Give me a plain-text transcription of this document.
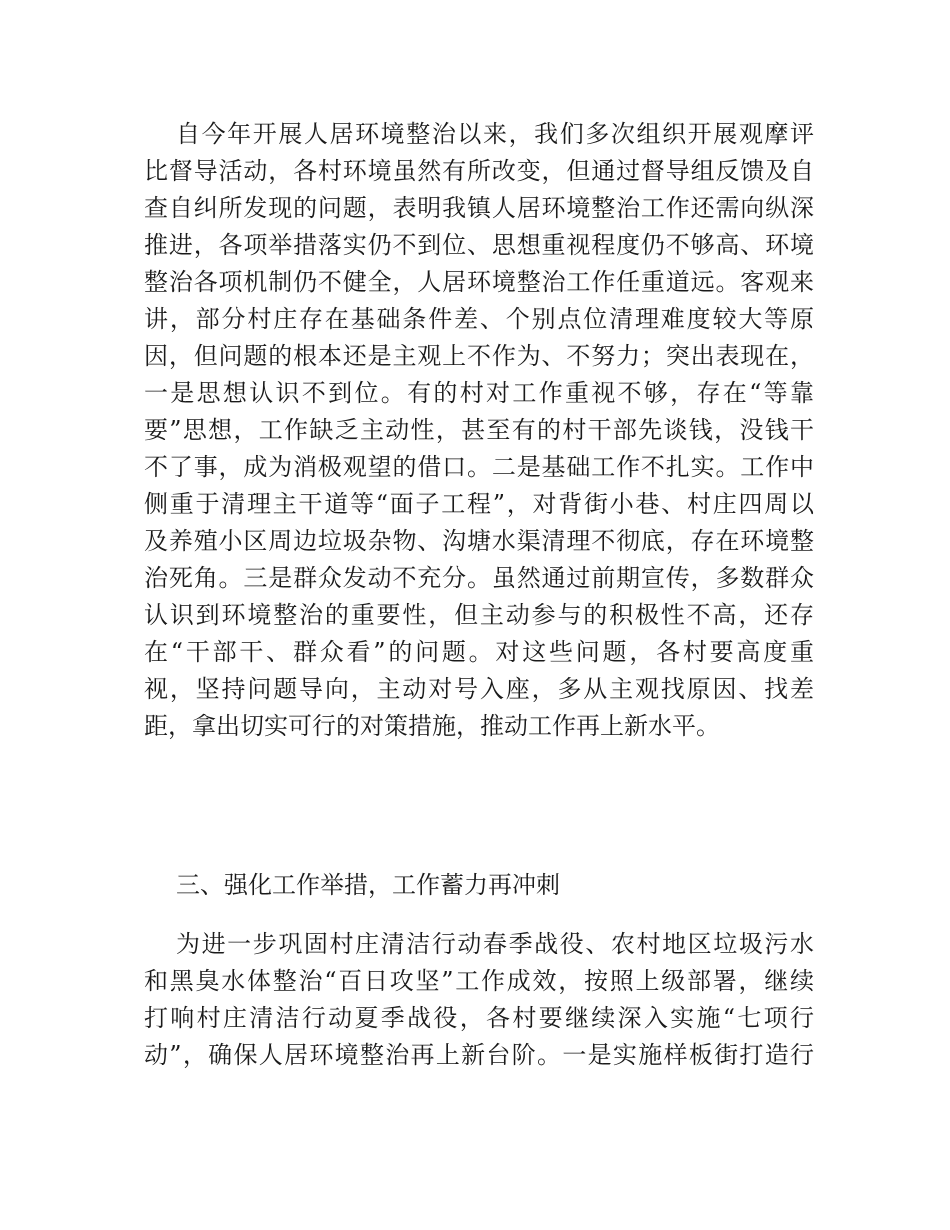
自今年开展人居环境整治以来，我们多次组织开展观摩评
比督导活动，各村环境虽然有所改变，但通过督导组反馈及自
查自纠所发现的问题，表明我镇人居环境整治工作还需向纵深
推进，各项举措落实仍不到位、思想重视程度仍不够高、环境
整治各项机制仍不健全，人居环境整治工作任重道远。客观来
讲，部分村庄存在基础条件差、个别点位清理难度较大等原
因，但问题的根本还是主观上不作为、不努力；突出表现在，
一是思想认识不到位。有的村对工作重视不够，存在“等靠
要”思想，工作缺乏主动性，甚至有的村干部先谈钱，没钱干
不了事，成为消极观望的借口。二是基础工作不扎实。工作中
侧重于清理主干道等“面子工程”，对背街小巷、村庄四周以
及养殖小区周边垃圾杂物、沟塘水渠清理不彻底，存在环境整
治死角。三是群众发动不充分。虽然通过前期宣传，多数群众
认识到环境整治的重要性，但主动参与的积极性不高，还存
在“干部干、群众看”的问题。对这些问题，各村要高度重
视，坚持问题导向，主动对号入座，多从主观找原因、找差
距，拿出切实可行的对策措施，推动工作再上新水平。
三、强化工作举措，工作蓄力再冲刺
为进一步巩固村庄清洁行动春季战役、农村地区垃圾污水
和黑臭水体整治“百日攻坚”工作成效，按照上级部署，继续
打响村庄清洁行动夏季战役，各村要继续深入实施“七项行
动”，确保人居环境整治再上新台阶。一是实施样板街打造行
